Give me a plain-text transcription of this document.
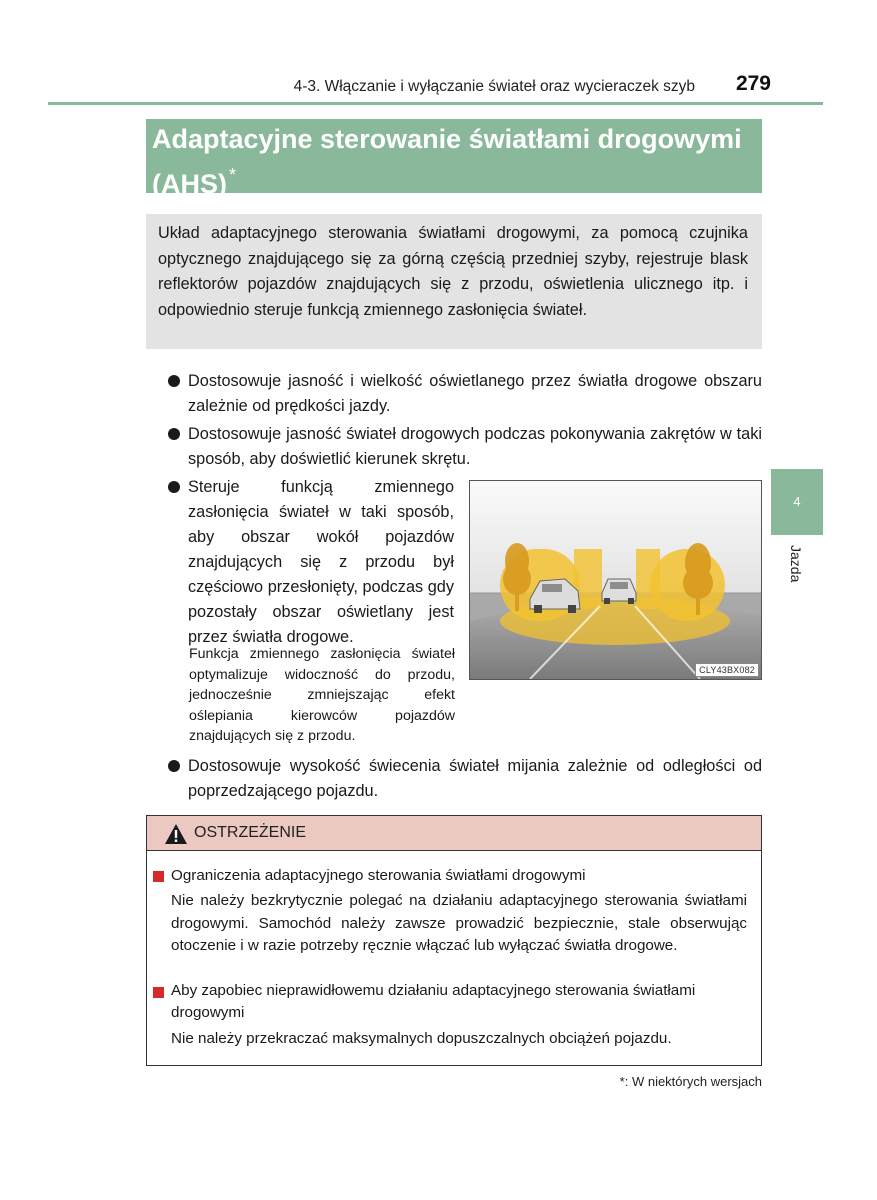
4-3. Włączanie i wyłączanie świateł oraz wycieraczek szyb 279
Adaptacyjne sterowanie światłami drogowymi (AHS) *
Układ adaptacyjnego sterowania światłami drogowymi, za pomocą czujnika optycznego znajdującego się za górną częścią przedniej szyby, rejestruje blask reflektorów pojazdów znajdujących się z przodu, oświetlenia ulicznego itp. i odpowiednio steruje funkcją zmiennego zasłonięcia świateł.
Dostosowuje jasność i wielkość oświetlanego przez światła drogowe obszaru zależnie od prędkości jazdy.
Dostosowuje jasność świateł drogowych podczas pokonywania zakrętów w taki sposób, aby doświetlić kierunek skrętu.
Steruje funkcją zmiennego zasłonięcia świateł w taki sposób, aby obszar wokół pojazdów znajdujących się z przodu był częściowo przesłonięty, podczas gdy pozostały obszar oświetlany jest przez światła drogowe.
Funkcja zmiennego zasłonięcia świateł optymalizuje widoczność do przodu, jednocześnie zmniejszając efekt oślepiania kierowców pojazdów znajdujących się z przodu.
CLY43BX082
4
Jazda
Dostosowuje wysokość świecenia świateł mijania zależnie od odległości od poprzedzającego pojazdu.
OSTRZEŻENIE
Ograniczenia adaptacyjnego sterowania światłami drogowymi
Nie należy bezkrytycznie polegać na działaniu adaptacyjnego sterowania światłami drogowymi. Samochód należy zawsze prowadzić bezpiecznie, stale obserwując otoczenie i w razie potrzeby ręcznie włączać lub wyłączać światła drogowe.
Aby zapobiec nieprawidłowemu działaniu adaptacyjnego sterowania światłami drogowymi
Nie należy przekraczać maksymalnych dopuszczalnych obciążeń pojazdu.
*: W niektórych wersjach
